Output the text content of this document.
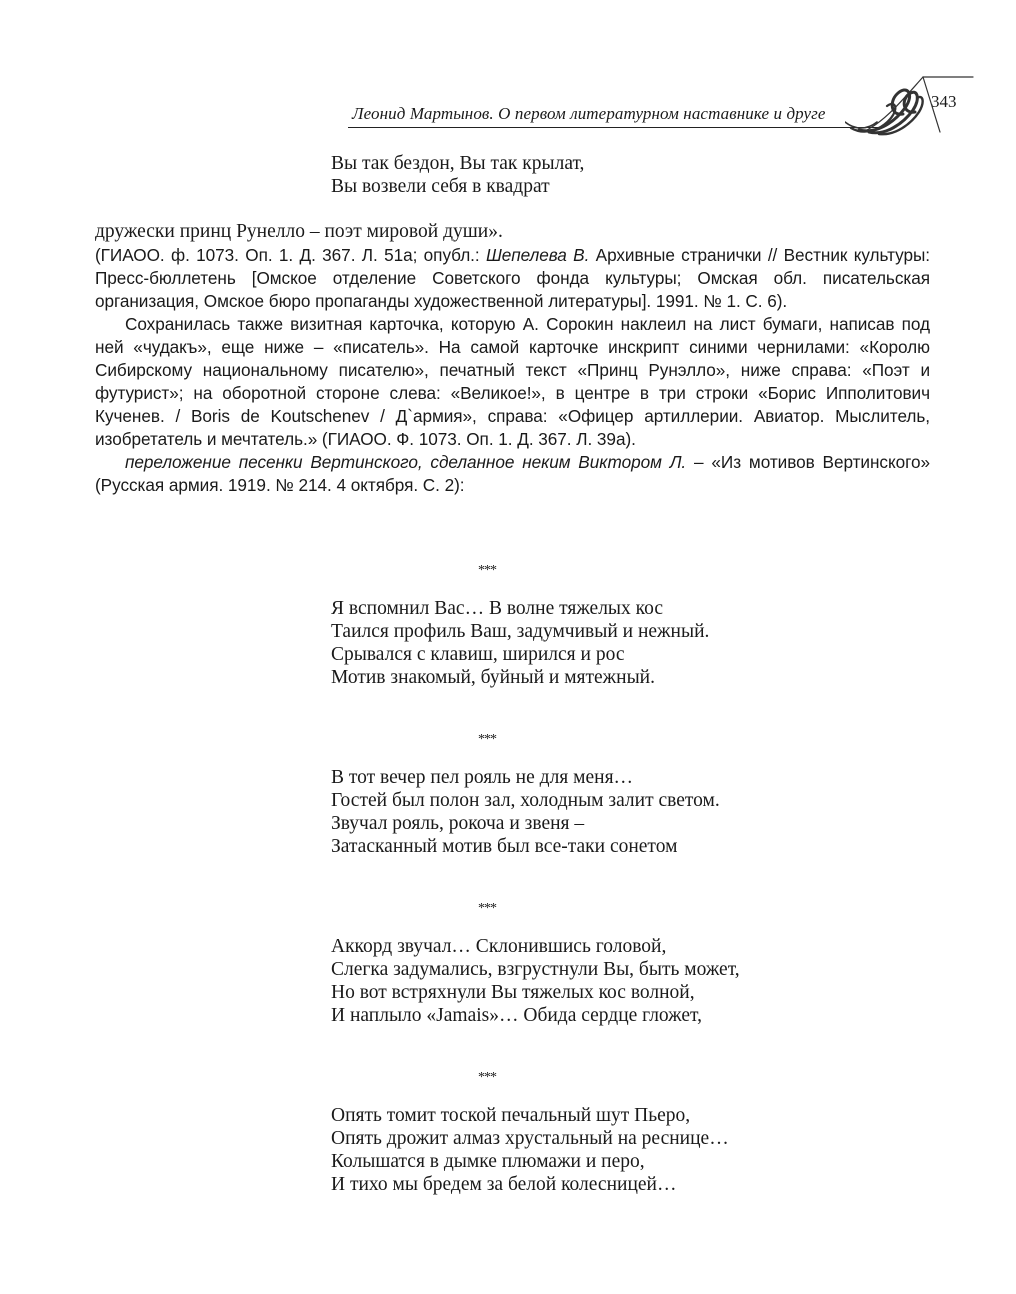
Леонид Мартынов. О первом литературном наставнике и друге
343
Вы так бездон, Вы так крылат,
Вы возвели себя в квадрат
дружески принц Рунелло – поэт мировой души».

(ГИАОО. ф. 1073. Оп. 1. Д. 367. Л. 51а; опубл.: Шепелева В. Архивные странички // Вестник культуры: Пресс-бюллетень [Омское отделение Советского фонда культуры; Омская обл. писательская организация, Омское бюро пропаганды художественной литературы]. 1991. № 1. С. 6).

Сохранилась также визитная карточка, которую А. Сорокин наклеил на лист бумаги, написав под ней «чудакъ», еще ниже – «писатель». На самой карточке инскрипт синими чернилами: «Королю Сибирскому национальному писателю», печатный текст «Принц Рунэлло», ниже справа: «Поэт и футурист»; на оборотной стороне слева: «Великое!», в центре в три строки «Борис Ипполитович Кученев. / Boris de Koutschenev / Д`армия», справа: «Офицер артиллерии. Авиатор. Мыслитель, изобретатель и мечтатель.» (ГИАОО. Ф. 1073. Оп. 1. Д. 367. Л. 39а).

переложение песенки Вертинского, сделанное неким Виктором Л. – «Из мотивов Вертинского» (Русская армия. 1919. № 214. 4 октября. С. 2):

***
Я вспомнил Вас… В волне тяжелых кос
Таился профиль Ваш, задумчивый и нежный.
Срывался с клавиш, ширился и рос
Мотив знакомый, буйный и мятежный.
***
В тот вечер пел рояль не для меня…
Гостей был полон зал, холодным залит светом.
Звучал рояль, рокоча и звеня –
Затасканный мотив был все-таки сонетом
***
Аккорд звучал… Склонившись головой,
Слегка задумались, взгрустнули Вы, быть может,
Но вот встряхнули Вы тяжелых кос волной,
И наплыло «Jamais»… Обида сердце гложет,
***
Опять томит тоской печальный шут Пьеро,
Опять дрожит алмаз хрустальный на реснице…
Колышатся в дымке плюмажи и перо,
И тихо мы бредем за белой колесницей…
